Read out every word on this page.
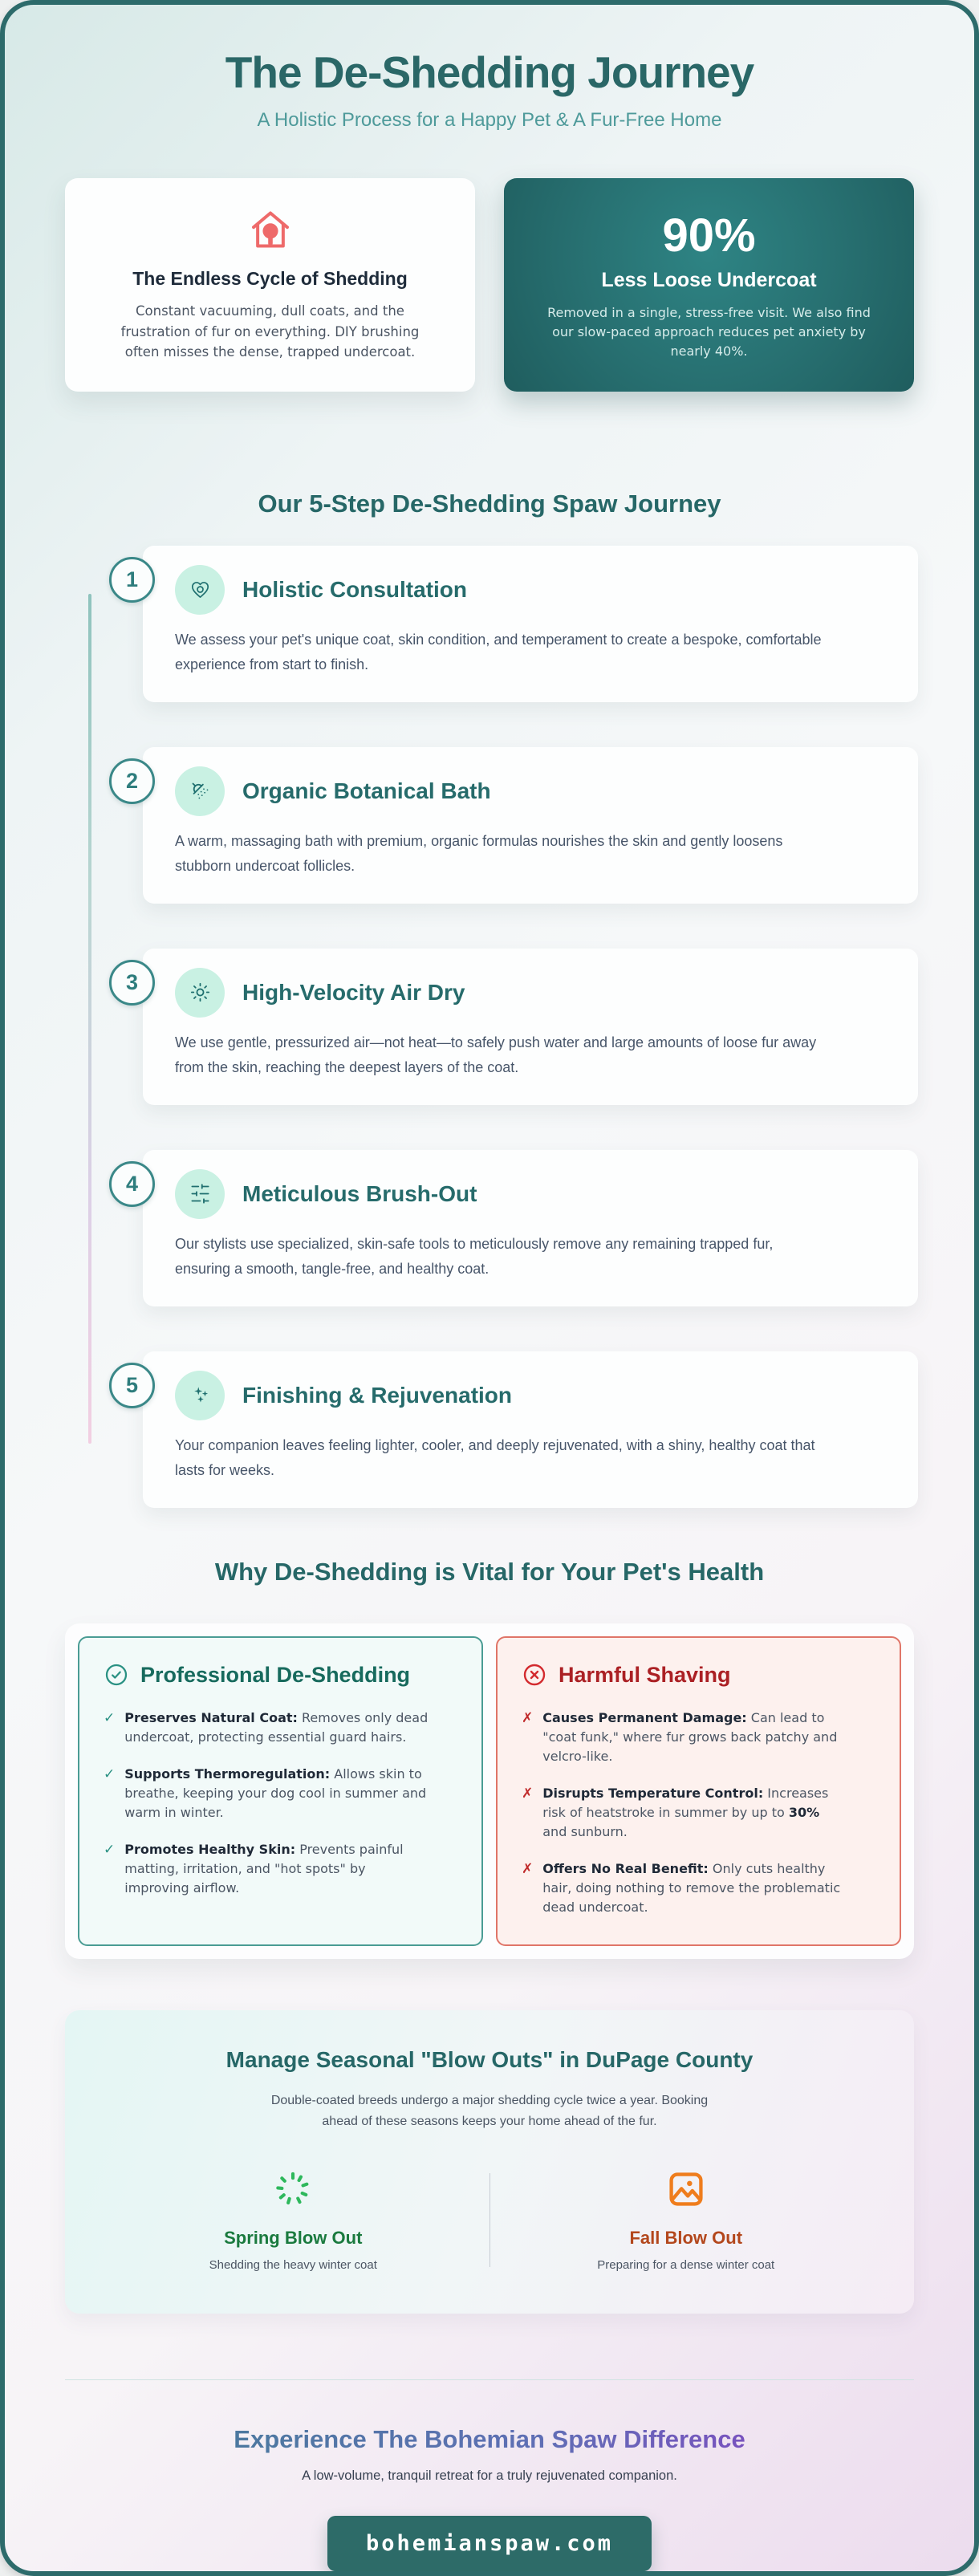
The De-Shedding Journey
A Holistic Process for a Happy Pet & A Fur-Free Home
The Endless Cycle of Shedding

Constant vacuuming, dull coats, and the frustration of fur on everything. DIY brushing often misses the dense, trapped undercoat.

90%
Less Loose Undercoat

Removed in a single, stress-free visit. We also find our slow-paced approach reduces pet anxiety by nearly 40%.

Our 5-Step De-Shedding Spaw Journey
1	Holistic Consultation

We assess your pet's unique coat, skin condition, and temperament to create a bespoke, comfortable experience from start to finish.

2	Organic Botanical Bath

A warm, massaging bath with premium, organic formulas nourishes the skin and gently loosens stubborn undercoat follicles.

3	High-Velocity Air Dry

We use gentle, pressurized air—not heat—to safely push water and large amounts of loose fur away from the skin, reaching the deepest layers of the coat.

4	Meticulous Brush-Out

Our stylists use specialized, skin-safe tools to meticulously remove any remaining trapped fur, ensuring a smooth, tangle-free, and healthy coat.

5	Finishing & Rejuvenation

Your companion leaves feeling lighter, cooler, and deeply rejuvenated, with a shiny, healthy coat that lasts for weeks.

Why De-Shedding is Vital for Your Pet's Health
Professional De-Shedding
✓ Preserves Natural Coat: Removes only dead undercoat, protecting essential guard hairs.
✓ Supports Thermoregulation: Allows skin to breathe, keeping your dog cool in summer and warm in winter.
✓ Promotes Healthy Skin: Prevents painful matting, irritation, and "hot spots" by improving airflow.
Harmful Shaving
✗ Causes Permanent Damage: Can lead to "coat funk," where fur grows back patchy and velcro-like.
✗ Disrupts Temperature Control: Increases risk of heatstroke in summer by up to 30% and sunburn.
✗ Offers No Real Benefit: Only cuts healthy hair, doing nothing to remove the problematic dead undercoat.
Manage Seasonal "Blow Outs" in DuPage County

Double-coated breeds undergo a major shedding cycle twice a year. Booking ahead of these seasons keeps your home ahead of the fur.

Spring Blow Out
Shedding the heavy winter coat
Fall Blow Out
Preparing for a dense winter coat
Experience The Bohemian Spaw Difference

A low-volume, tranquil retreat for a truly rejuvenated companion.

bohemianspaw.com
